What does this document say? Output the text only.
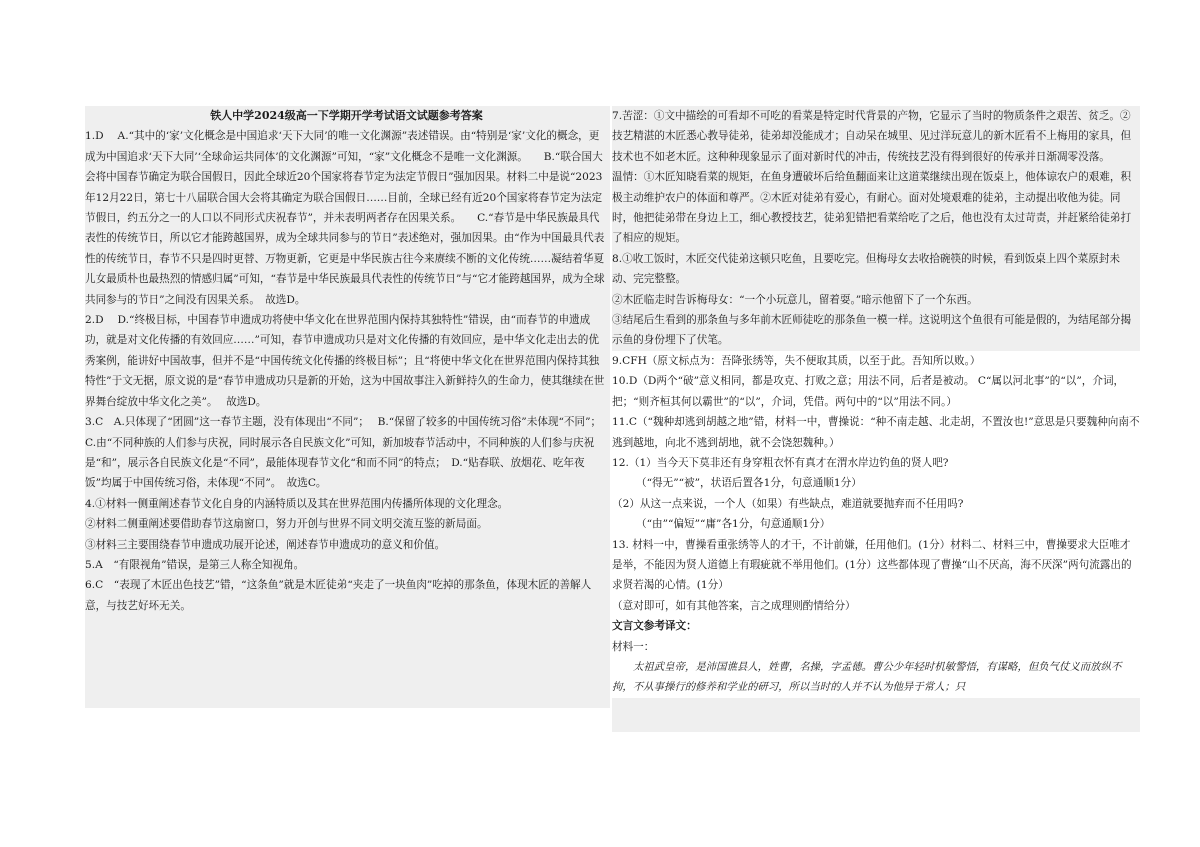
铁人中学2024级高一下学期开学考试语文试题参考答案
1.D　 A.“其中的‘家’文化概念是中国追求‘天下大同’的唯一文化渊源”表述错误。由“特别是‘家’文化的概念，更成为中国追求‘天下大同’‘全球命运共同体’的文化渊源”可知，“家”文化概念不是唯一文化渊源。　　B.“联合国大会将中国春节确定为联合国假日，因此全球近20个国家将春节定为法定节假日”强加因果。材料二中是说“2023年12月22日，第七十八届联合国大会将其确定为联合国假日……目前，全球已经有近20个国家将春节定为法定节假日，约五分之一的人口以不同形式庆祝春节”，并未表明两者存在因果关系。　　C.“春节是中华民族最具代表性的传统节日，所以它才能跨越国界，成为全球共同参与的节日”表述绝对，强加因果。由“作为中国最具代表性的传统节日，春节不只是四时更替、万物更新，它更是中华民族古往今来赓续不断的文化传统……凝结着华夏儿女最质朴也最热烈的情感归属”可知，“春节是中华民族最具代表性的传统节日”与“它才能跨越国界，成为全球共同参与的节日”之间没有因果关系。　故选D。
2.D　 D.“终极目标，中国春节申遗成功将使中华文化在世界范围内保持其独特性”错误，由“而春节的申遗成功，就是对文化传播的有效回应……”可知，春节申遗成功只是对文化传播的有效回应，是中华文化走出去的优秀案例，能讲好中国故事，但并不是“中国传统文化传播的终极目标”；且“将使中华文化在世界范围内保持其独特性”于文无据，原文说的是“春节申遗成功只是新的开始，这为中国故事注入新鲜持久的生命力，使其继续在世界舞台绽放中华文化之美”。　 故选D。
3.C　A.只体现了“团圆”这一春节主题，没有体现出“不同”；　 B.“保留了较多的中国传统习俗”未体现“不同”；　C.由“不同种族的人们参与庆祝，同时展示各自民族文化”可知，新加坡春节活动中，不同种族的人们参与庆祝是“和”，展示各自民族文化是“不同”，最能体现春节文化“和而不同”的特点；　D.“贴春联、放烟花、吃年夜饭”均属于中国传统习俗，未体现“不同”。　故选C。
4.①材料一侧重阐述春节文化自身的内涵特质以及其在世界范围内传播所体现的文化理念。
②材料二侧重阐述要借助春节这扇窗口，努力开创与世界不同文明交流互鉴的新局面。
③材料三主要围绕春节申遗成功展开论述，阐述春节申遗成功的意义和价值。
5.A　“有限视角”错误，是第三人称全知视角。
6.C　“表现了木匠出色技艺”错，“这条鱼”就是木匠徒弟“夹走了一块鱼肉”吃掉的那条鱼，体现木匠的善解人意，与技艺好坏无关。
7.苦涩：①文中描绘的可看却不可吃的看菜是特定时代背景的产物，它显示了当时的物质条件之艰苦、贫乏。②技艺精湛的木匠悉心教导徒弟，徒弟却没能成才；自动呆在城里、见过洋玩意儿的新木匠看不上梅用的家具，但技术也不如老木匠。这种种现象显示了面对新时代的冲击，传统技艺没有得到很好的传承并日渐凋零没落。
温情：①木匠知晓看菜的规矩，在鱼身遭破坏后给鱼翻面来让这道菜继续出现在饭桌上，他体谅农户的艰难，积极主动维护农户的体面和尊严。②木匠对徒弟有爱心，有耐心。面对处境艰难的徒弟，主动提出收他为徒。同时，他把徒弟带在身边上工，细心教授技艺，徒弟犯错把看菜给吃了之后，他也没有太过苛责，并赶紧给徒弟打了相应的规矩。
8.①收工饭时，木匠交代徒弟这顿只吃鱼，且要吃完。但梅母女去收拾碗筷的时候，看到饭桌上四个菜原封未动、完完整整。
②木匠临走时告诉梅母女：“一个小玩意儿，留着耍。”暗示他留下了一个东西。
③结尾后生看到的那条鱼与多年前木匠师徒吃的那条鱼一模一样。这说明这个鱼很有可能是假的，为结尾部分揭示鱼的身份埋下了伏笔。
9.CFH（原文标点为：吾降张绣等，失不便取其质，以至于此。吾知所以败。）
10.D（D两个“破”意义相同，都是攻克、打败之意；用法不同，后者是被动。 C“属以河北事”的“以”，介词，把；“则齐桓其何以霸世”的“以”，介词，凭借。两句中的“以”用法不同。）
11.C（“魏种却逃到胡越之地”错，材料一中，曹操说：“种不南走越、北走胡，不置汝也!”意思是只要魏种向南不逃到越地，向北不逃到胡地，就不会饶恕魏种。）
12.（1）当今天下莫非还有身穿粗衣怀有真才在渭水岸边钓鱼的贤人吧?
（“得无”“被”，状语后置各1分，句意通顺1分）
（2）从这一点来说，一个人（如果）有些缺点，难道就要抛弃而不任用吗?
（“由”“偏短”“庸”各1分，句意通顺1分）
13. 材料一中，曹操看重张绣等人的才干，不计前嫌，任用他们。(1分）材料二、材料三中，曹操要求大臣唯才是举，不能因为贤人道德上有瑕疵就不举用他们。(1分）这些都体现了曹操“山不厌高，海不厌深”两句流露出的求贤若渴的心情。(1分）
（意对即可，如有其他答案，言之成理则酌情给分）
文言文参考译文：
材料一：
太祖武皇帝，是沛国谯县人，姓曹，名操，字孟德。曹公少年轻时机敏警悟，有谋略，但负气仗义而放纵不拘，不从事操行的修养和学业的研习，所以当时的人并不认为他异于常人；只
